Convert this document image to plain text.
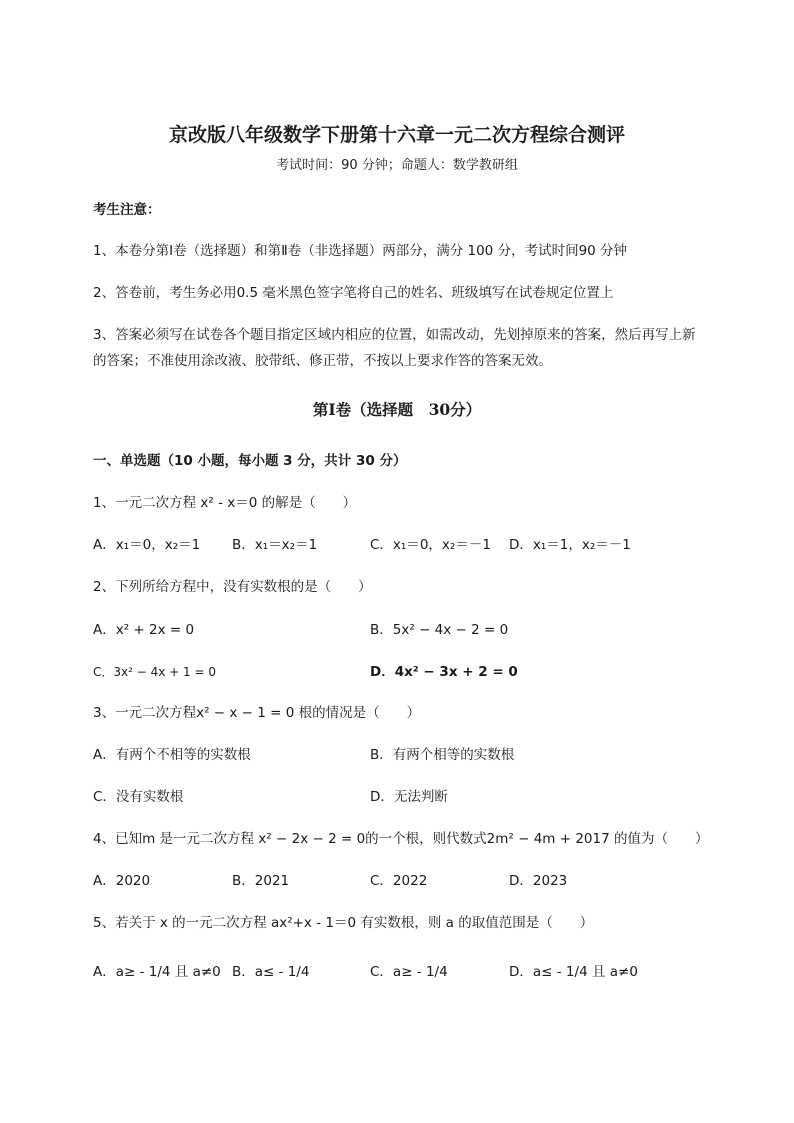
京改版八年级数学下册第十六章一元二次方程综合测评
考试时间：90 分钟；命题人：数学教研组
考生注意：
1、本卷分第Ⅰ卷（选择题）和第Ⅱ卷（非选择题）两部分，满分 100 分，考试时间90 分钟
2、答卷前，考生务必用0.5 毫米黑色签字笔将自己的姓名、班级填写在试卷规定位置上
3、答案必须写在试卷各个题目指定区域内相应的位置，如需改动，先划掉原来的答案，然后再写上新
的答案；不准使用涂改液、胶带纸、修正带，不按以上要求作答的答案无效。
第Ⅰ卷（选择题　30分）
一、单选题（10 小题，每小题 3 分，共计 30 分）
1、一元二次方程 x² - x＝0 的解是（　　）
A．x₁＝0，x₂＝1 B．x₁＝x₂＝1	C．x₁＝0，x₂＝－1 D．x₁＝1，x₂＝－1
2、下列所给方程中，没有实数根的是（　　）
A．x² + 2x = 0	B．5x² − 4x − 2 = 0
C．3x² − 4x + 1 = 0	D．4x² − 3x + 2 = 0
3、一元二次方程x² − x − 1 = 0 根的情况是（　　）
A．有两个不相等的实数根	B．有两个相等的实数根
C．没有实数根	D．无法判断
4、已知m 是一元二次方程 x² − 2x − 2 = 0的一个根，则代数式2m² − 4m + 2017 的值为（　　）
A．2020	B．2021	C．2022	D．2023
5、若关于 x 的一元二次方程 ax²+x - 1＝0 有实数根，则 a 的取值范围是（　　）
A．a≥ - 1/4 且 a≠0 B．a≤ - 1/4	C．a≥ - 1/4	D．a≤ - 1/4 且 a≠0
